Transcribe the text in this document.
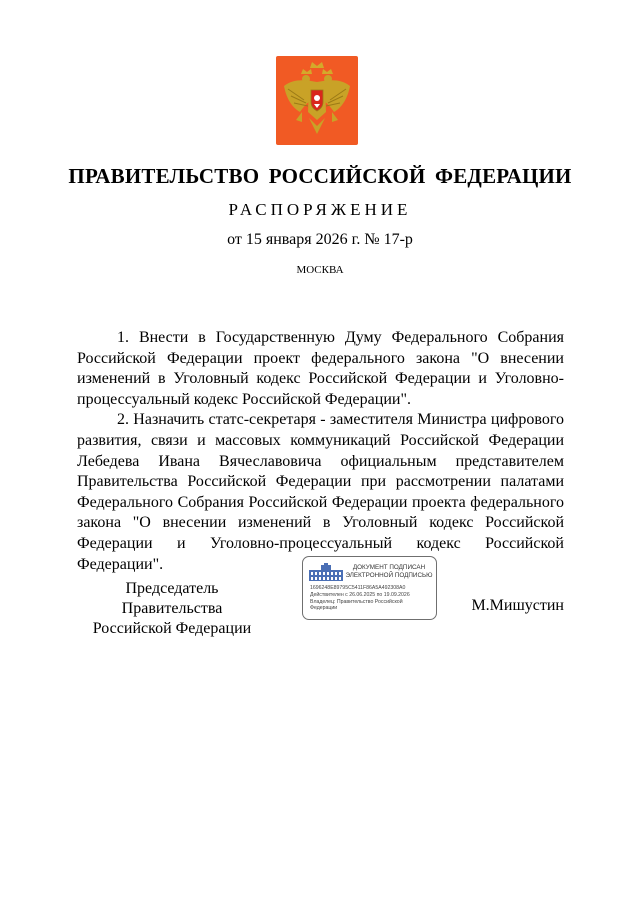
ПРАВИТЕЛЬСТВО РОССИЙСКОЙ ФЕДЕРАЦИИ
РАСПОРЯЖЕНИЕ
от 15 января 2026 г. № 17-р
МОСКВА

1. Внести в Государственную Думу Федерального Собрания Российской Федерации проект федерального закона "О внесении изменений в Уголовный кодекс Российской Федерации и Уголовно-процессуальный кодекс Российской Федерации".

2. Назначить статс-секретаря - заместителя Министра цифрового развития, связи и массовых коммуникаций Российской Федерации Лебедева Ивана Вячеславовича официальным представителем Правительства Российской Федерации при рассмотрении палатами Федерального Собрания Российской Федерации проекта федерального закона "О внесении изменений в Уголовный кодекс Российской Федерации и Уголовно-процессуальный кодекс Российской Федерации".

Председатель Правительства
Российской Федерации
ДОКУМЕНТ ПОДПИСАН
ЭЛЕКТРОННОЙ ПОДПИСЬЮ
1696248E89795C5411F86A5A492308A0
Действителен с 26.06.2025 по 19.09.2026
Владелец: Правительство Российской
Федерации	М.Мишустин
